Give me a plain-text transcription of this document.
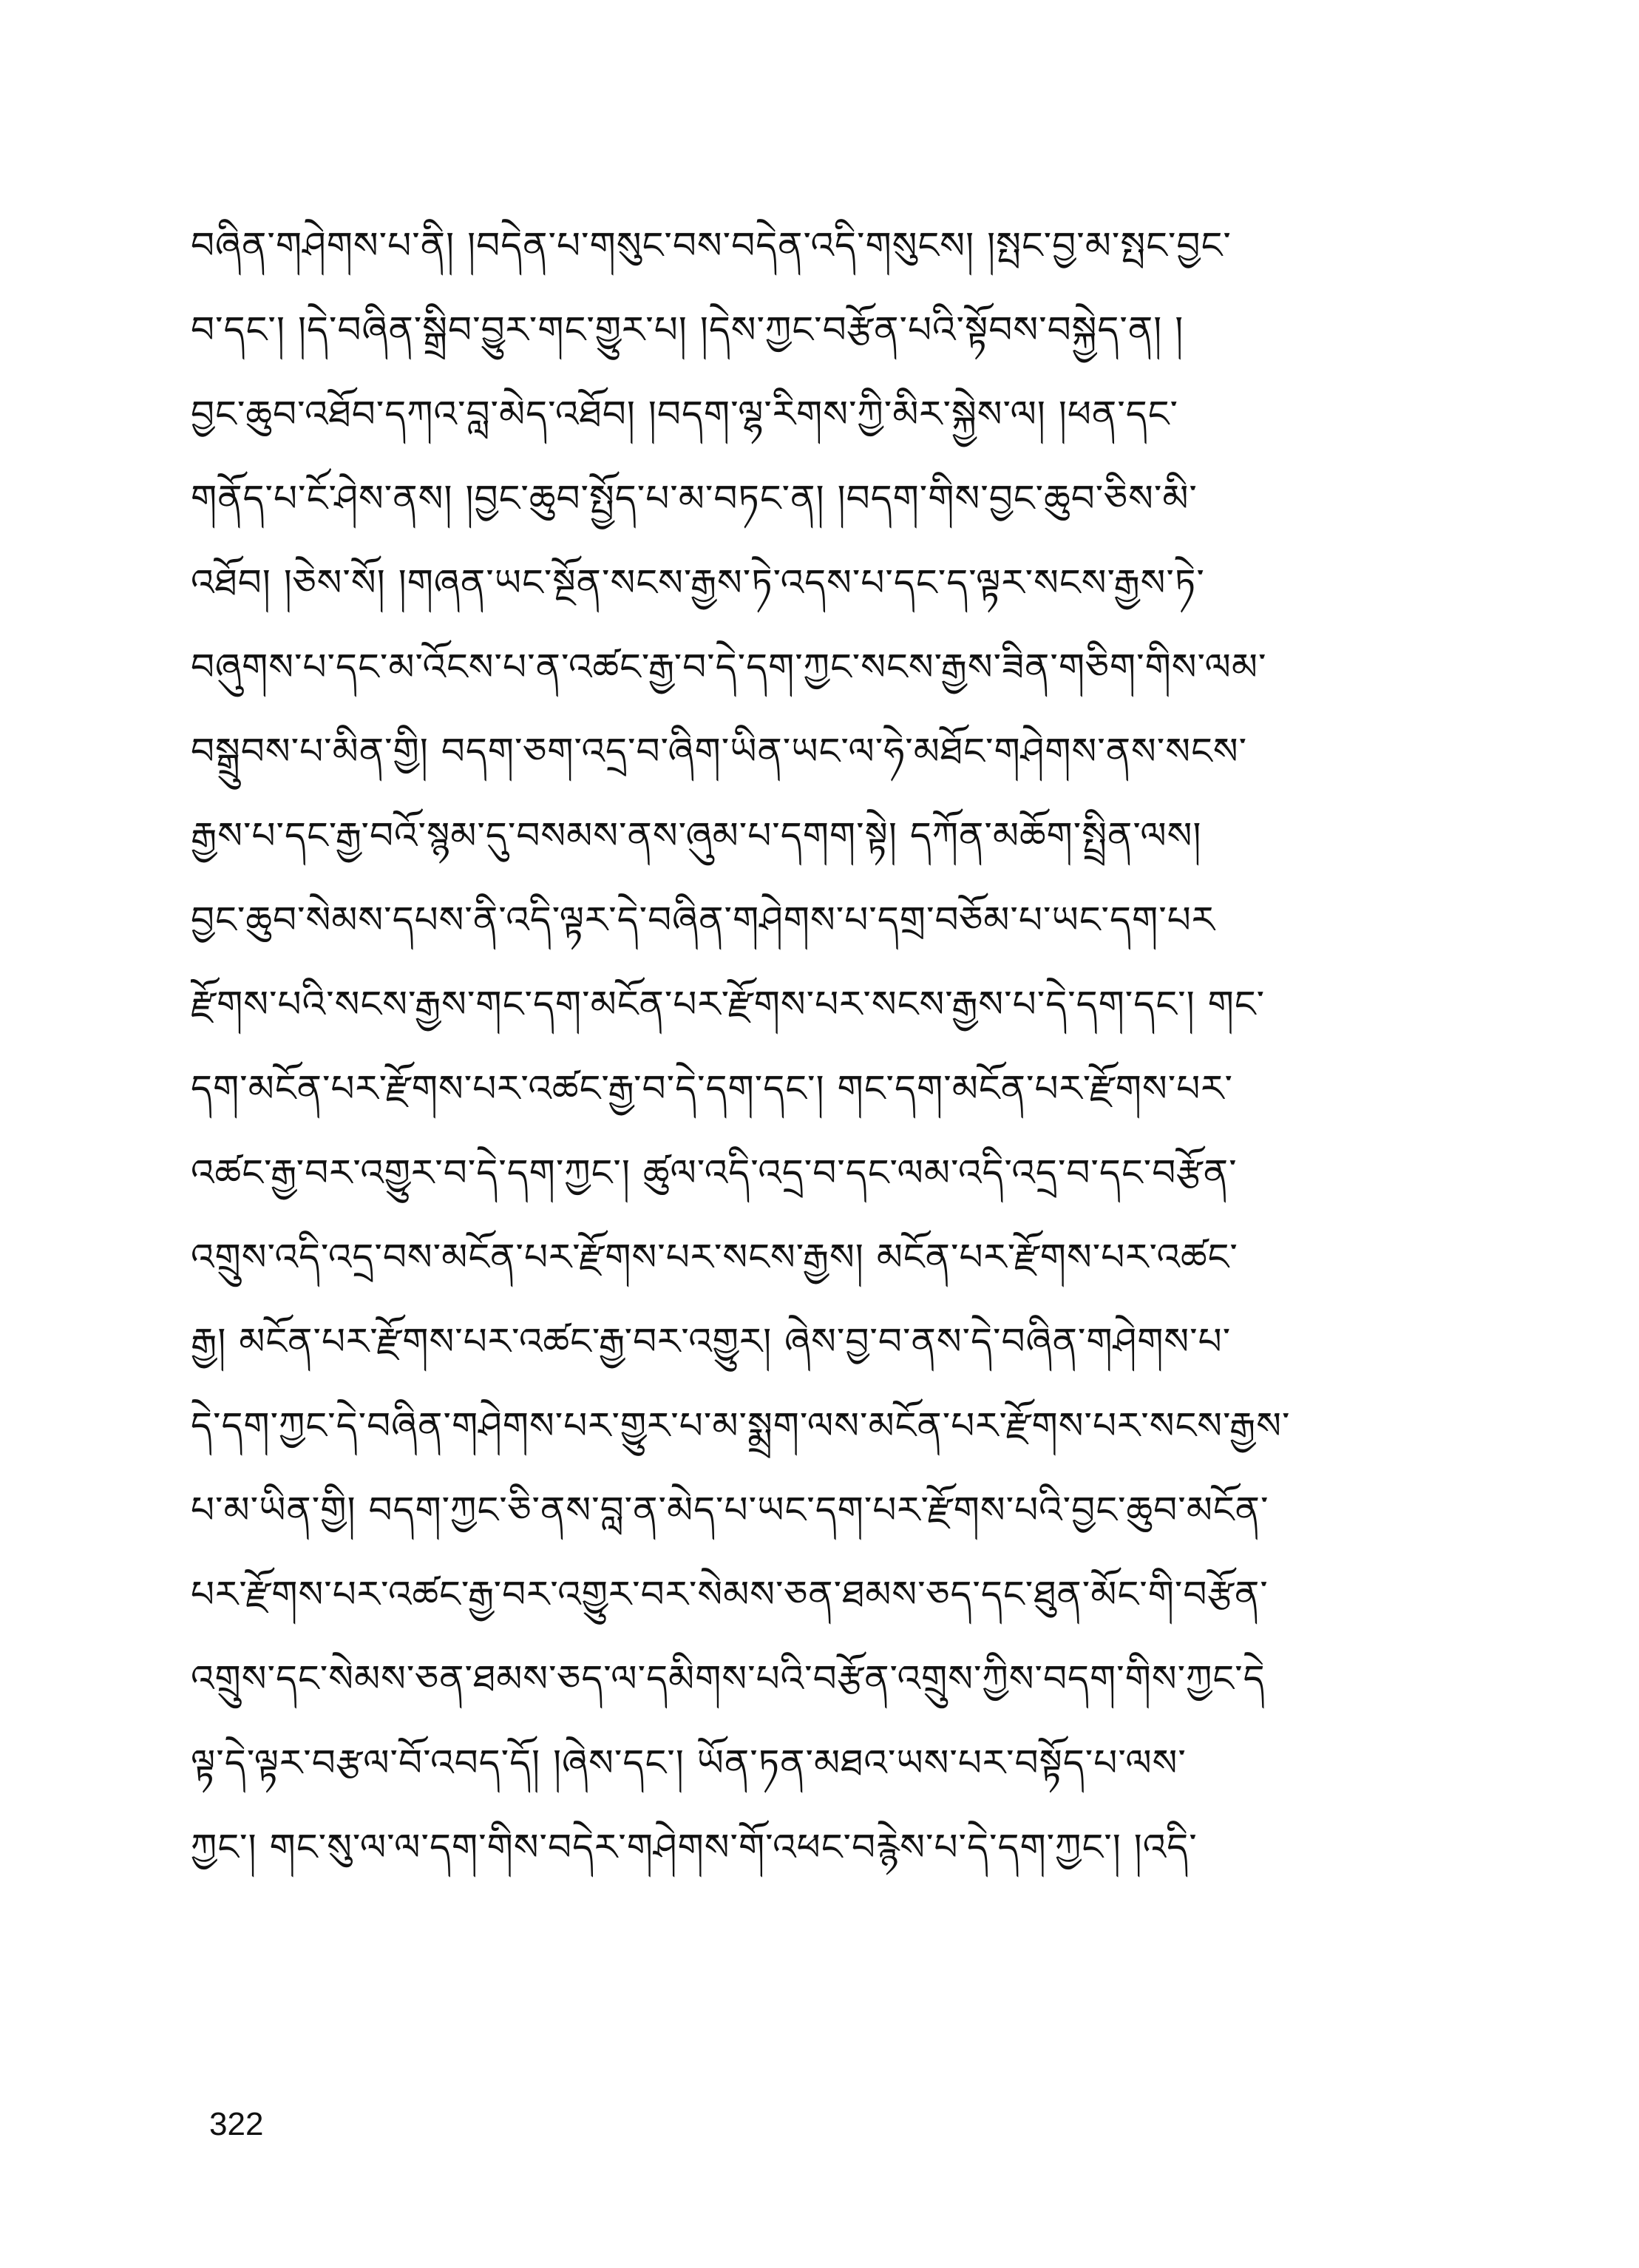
བཞིན་གཤེགས་པ་ནི། །བདེན་པ་གསུང་བས་བདེན་འདི་གསུངས། །སྤང་བྱ་མ་སྤང་བྱང་
བ་དང་། །དེ་བཞིན་སྒྲིབ་བྱུར་གང་གྱུར་པ། །དེས་ཀྱང་བརྩོན་པའི་སྟོབས་བསྐྱེད་ན། །
བྱང་ཆུབ་འཐོབ་དཀའ་བླ་མེད་འཐོབ། །བདག་ལྷ་རིགས་ཀྱི་མིར་སྐྱེས་ལ། །ཕན་དང་
གནོད་པ་ངོ་ཤེས་ནས། །བྱང་ཆུབ་སྤྱོད་པ་མ་བཏང་ན། །བདག་གིས་བྱང་ཆུབ་ཅིས་མི་
འཐོབ། །ཅེས་སོ། །གཞན་ཡང་སྔོན་སངས་རྒྱས་ཏེ་འདས་པ་དང་ད་ལྟར་སངས་རྒྱས་ཏེ་
བཞུགས་པ་དང་མ་འོངས་པ་ན་འཚང་རྒྱ་བ་དེ་དག་ཀྱང་སངས་རྒྱས་ཟིན་གཅིག་གིས་ལམ་
བསྒྲུབས་པ་མིན་གྱི། བདག་ཅག་འདྲ་བ་ཞིག་ཡིན་ཡང་ལ་ཧེ་མཐོང་གཤེགས་ནས་སངས་
རྒྱས་པ་དང་རྒྱ་བའོ་སྙམ་དུ་བསམས་ནས་ཞུམ་པ་དགག་སྟེ། དཀོན་མཆོག་སྤྲིན་ལས།
བྱང་ཆུབ་སེམས་དཔས་ནི་འདི་ལྟར་དེ་བཞིན་གཤེགས་པ་དགྲ་བཅོམ་པ་ཡང་དག་པར
རྫོགས་པའི་སངས་རྒྱས་གང་དག་མངོན་པར་རྫོགས་པར་སངས་རྒྱས་པ་དེ་དག་དང་། གང་
དག་མངོན་པར་རྫོགས་པར་འཚང་རྒྱ་བ་དེ་དག་དང་། གང་དག་མངོན་པར་རྫོགས་པར་
འཚང་རྒྱ་བར་འགྱུར་བ་དེ་དག་ཀྱང་། ཚུལ་འདི་འདྲ་བ་དང་ལམ་འདི་འདྲ་བ་དང་བརྩོན་
འགྲུས་འདི་འདྲ་བས་མངོན་པར་རྫོགས་པར་སངས་རྒྱས། མངོན་པར་རྫོགས་པར་འཚང་
རྒྱ། མངོན་པར་རྫོགས་པར་འཚང་རྒྱ་བར་འགྱུར། ཞེས་བྱ་བ་ནས་དེ་བཞིན་གཤེགས་པ་
དེ་དག་ཀྱང་དེ་བཞིན་གཤེགས་པར་གྱུར་པ་མ་སྨྲག་ལས་མངོན་པར་རྫོགས་པར་སངས་རྒྱས་
པ་མ་ཡིན་གྱི། བདག་ཀྱང་ཅི་ནས་བླ་ན་མེད་པ་ཡང་དག་པར་རྫོགས་པའི་བྱང་ཆུབ་མངོན་
པར་རྫོགས་པར་འཚང་རྒྱ་བར་འགྱུར་བར་སེམས་ཅན་ཐམས་ཅད་དང་ཐུན་མོང་གི་བརྩོན་
འགྲུས་དང་སེམས་ཅན་ཐམས་ཅད་ལ་དམིགས་པའི་བརྩོན་འགྲུས་ཀྱིས་བདག་གིས་ཀྱང་དེ
ལྟ་དེ་ལྟར་བརྩལ་བོ་འབད་དོ། །ཞེས་དང་། ཡོན་ཏན་མཐའ་ཡས་པར་བསྟོད་པ་ལས་
ཀྱང་། གང་སུ་ལ་ལ་དག་གིས་བདེར་གཤེགས་གོ་འཕང་བརྙེས་པ་དེ་དག་ཀྱང་། །འདི་
322
